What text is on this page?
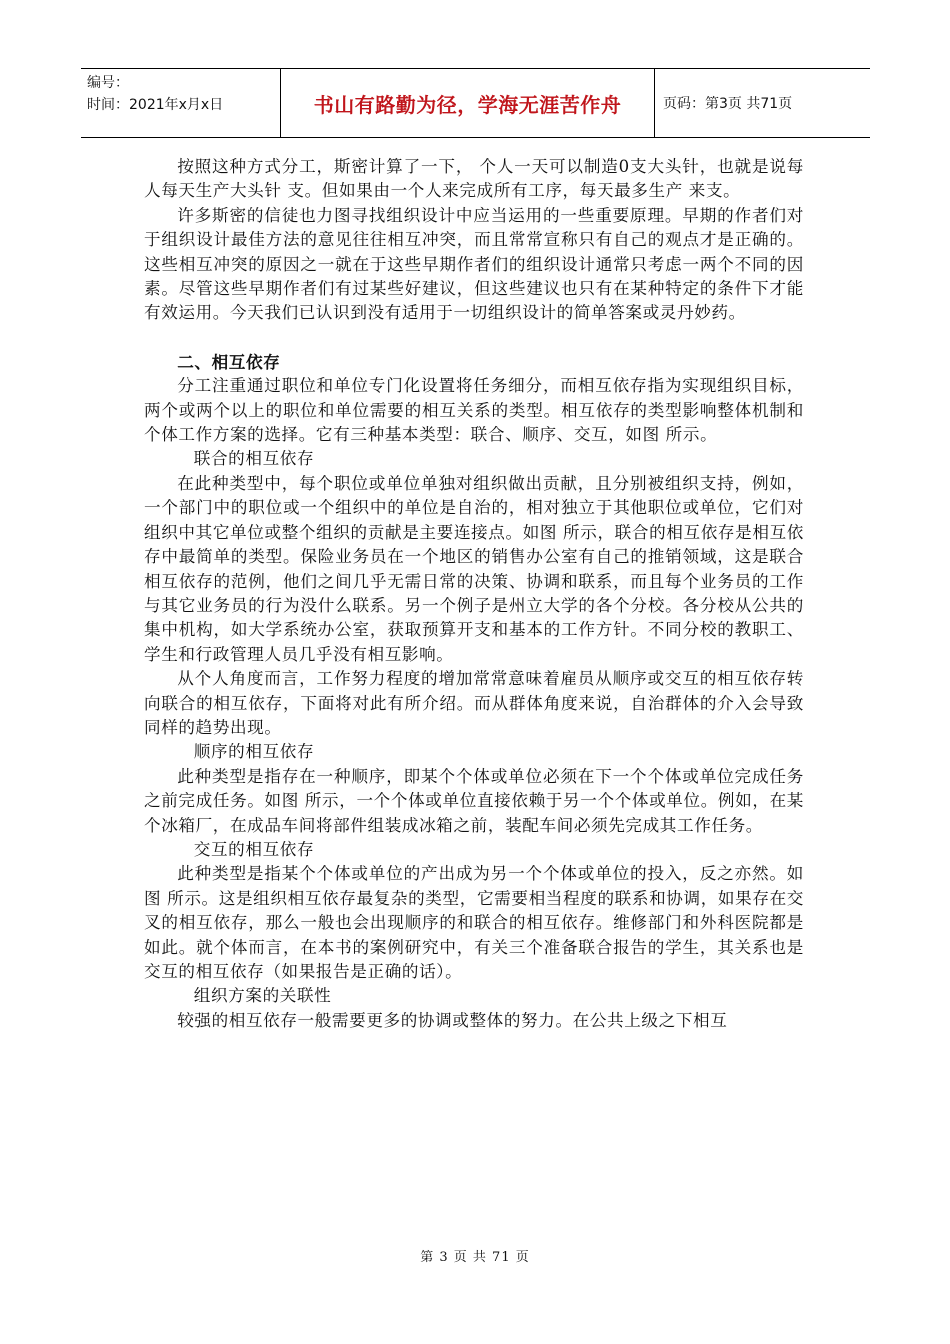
编号：
时间：2021年x月x日	书山有路勤为径，学海无涯苦作舟	页码：第3页 共71页

按照这种方式分工，斯密计算了一下， 个人一天可以制造0支大头针，也就是说每人每天生产大头针 支。但如果由一个人来完成所有工序，每天最多生产 来支。

许多斯密的信徒也力图寻找组织设计中应当运用的一些重要原理。早期的作者们对于组织设计最佳方法的意见往往相互冲突，而且常常宣称只有自己的观点才是正确的。这些相互冲突的原因之一就在于这些早期作者们的组织设计通常只考虑一两个不同的因素。尽管这些早期作者们有过某些好建议，但这些建议也只有在某种特定的条件下才能有效运用。今天我们已认识到没有适用于一切组织设计的简单答案或灵丹妙药。

二、相互依存

分工注重通过职位和单位专门化设置将任务细分，而相互依存指为实现组织目标，两个或两个以上的职位和单位需要的相互关系的类型。相互依存的类型影响整体机制和个体工作方案的选择。它有三种基本类型：联合、顺序、交互，如图 所示。

联合的相互依存

在此种类型中，每个职位或单位单独对组织做出贡献，且分别被组织支持，例如，一个部门中的职位或一个组织中的单位是自治的，相对独立于其他职位或单位，它们对组织中其它单位或整个组织的贡献是主要连接点。如图 所示，联合的相互依存是相互依存中最简单的类型。保险业务员在一个地区的销售办公室有自己的推销领域，这是联合相互依存的范例，他们之间几乎无需日常的决策、协调和联系，而且每个业务员的工作与其它业务员的行为没什么联系。另一个例子是州立大学的各个分校。各分校从公共的集中机构，如大学系统办公室，获取预算开支和基本的工作方针。不同分校的教职工、学生和行政管理人员几乎没有相互影响。

从个人角度而言，工作努力程度的增加常常意味着雇员从顺序或交互的相互依存转向联合的相互依存，下面将对此有所介绍。而从群体角度来说，自治群体的介入会导致同样的趋势出现。

顺序的相互依存

此种类型是指存在一种顺序，即某个个体或单位必须在下一个个体或单位完成任务之前完成任务。如图 所示，一个个体或单位直接依赖于另一个个体或单位。例如，在某个冰箱厂，在成品车间将部件组装成冰箱之前，装配车间必须先完成其工作任务。

交互的相互依存

此种类型是指某个个体或单位的产出成为另一个个体或单位的投入，反之亦然。如图 所示。这是组织相互依存最复杂的类型，它需要相当程度的联系和协调，如果存在交叉的相互依存，那么一般也会出现顺序的和联合的相互依存。维修部门和外科医院都是如此。就个体而言，在本书的案例研究中，有关三个准备联合报告的学生，其关系也是交互的相互依存（如果报告是正确的话）。

组织方案的关联性

较强的相互依存一般需要更多的协调或整体的努力。在公共上级之下相互

第 3 页 共 71 页
